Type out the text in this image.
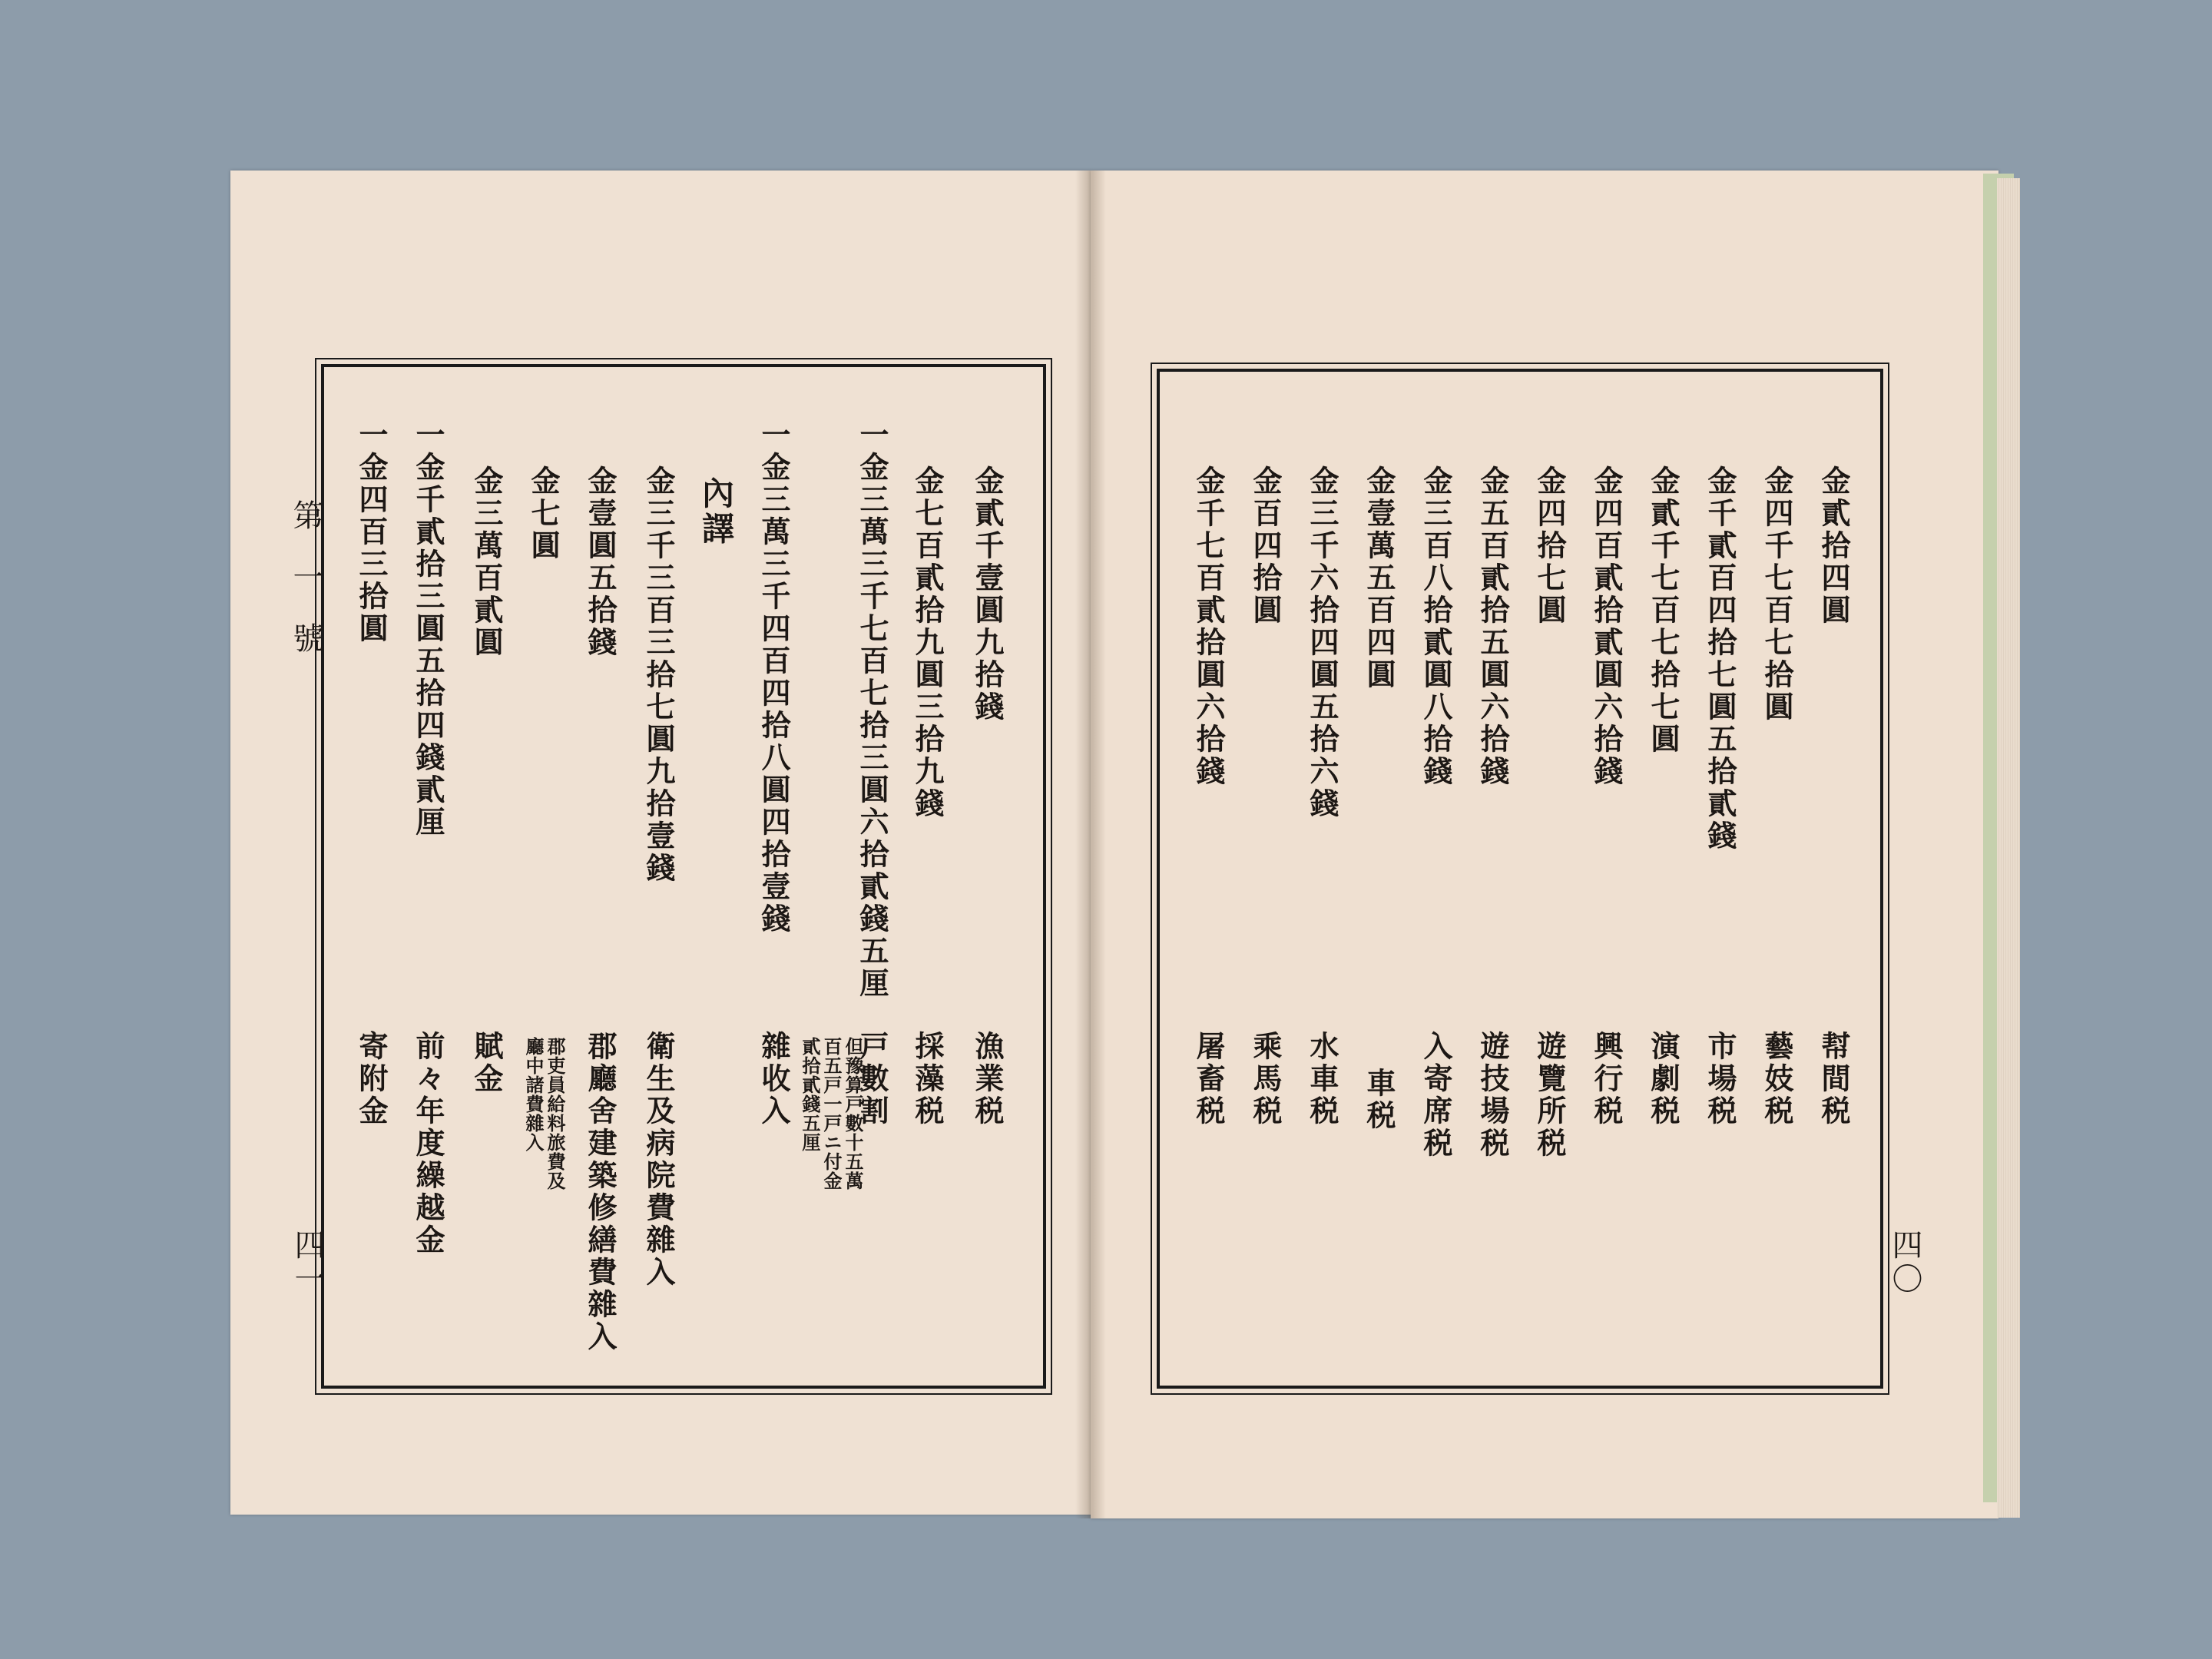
第一號
四一	四〇
金貳千壹圓九拾錢
漁業税
金七百貳拾九圓三拾九錢
採藻税
一金三萬三千七百七拾三圓六拾貳錢五厘
戸數割
但豫算戸數十五萬百五戸一戸ニ付金貳拾貳錢五厘
一金三萬三千四百四拾八圓四拾壹錢
雜收入
內譯
金三千三百三拾七圓九拾壹錢
衛生及病院費雜入
金壹圓五拾錢
郡廳舍建築修繕費雜入
郡吏員給料旅費及廳中諸費雜入
金七圓
金三萬百貳圓
賦金
一金千貳拾三圓五拾四錢貳厘
前々年度繰越金
一金四百三拾圓
寄附金
金貳拾四圓
幇間税
金四千七百七拾圓
藝妓税
金千貳百四拾七圓五拾貳錢
市場税
金貳千七百七拾七圓
演劇税
金四百貳拾貳圓六拾錢
興行税
金四拾七圓
遊覽所税
金五百貳拾五圓六拾錢
遊技場税
金三百八拾貳圓八拾錢
入寄席税
金壹萬五百四圓
車税
金三千六拾四圓五拾六錢
水車税
金百四拾圓
乘馬税
金千七百貳拾圓六拾錢
屠畜税
